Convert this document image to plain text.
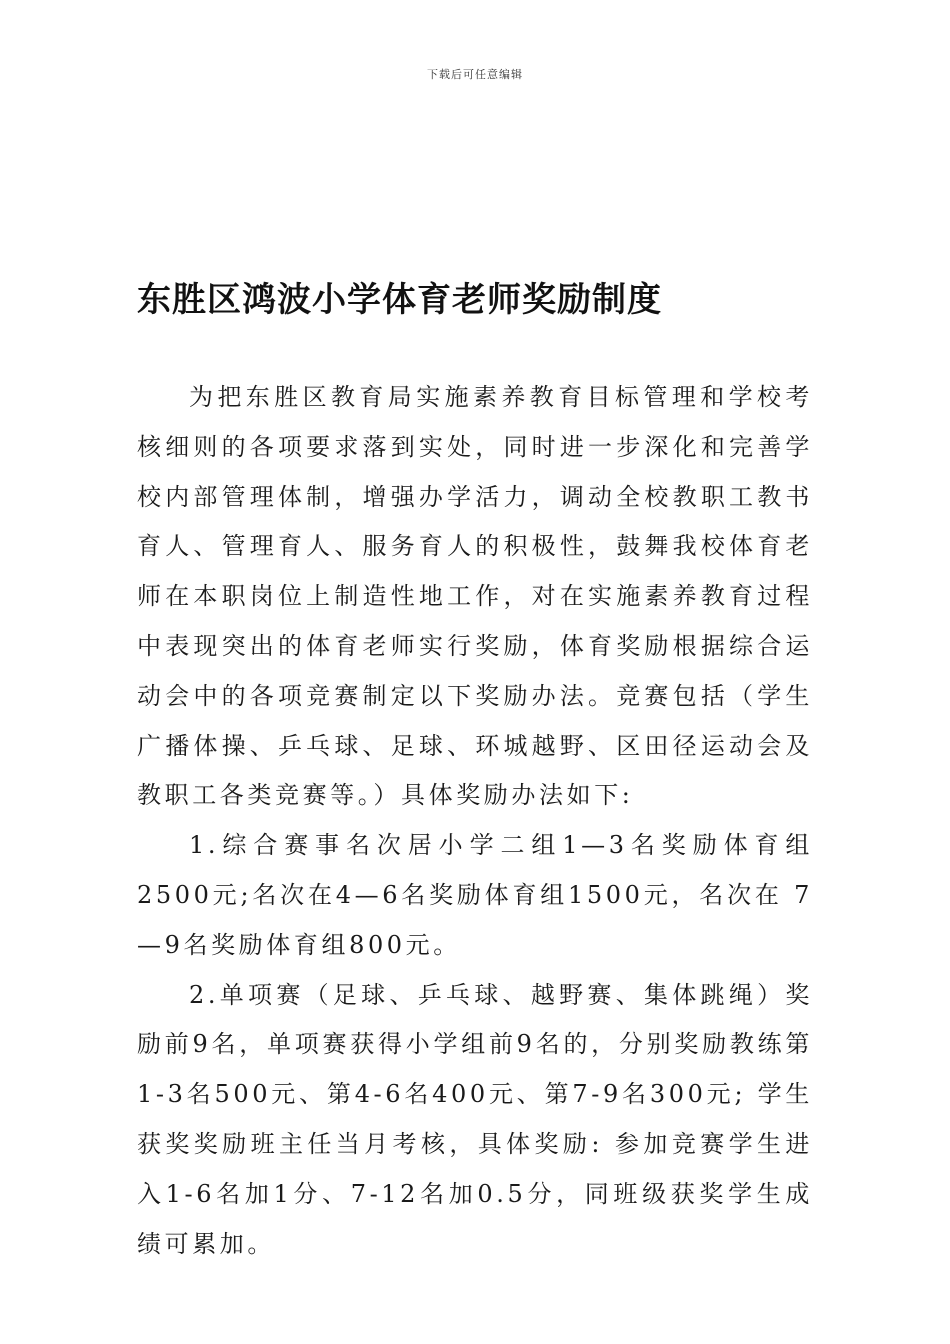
下载后可任意编辑
东胜区鸿波小学体育老师奖励制度

为把东胜区教育局实施素养教育目标管理和学校考核细则的各项要求落到实处，同时进一步深化和完善学校内部管理体制，增强办学活力，调动全校教职工教书育人、管理育人、服务育人的积极性，鼓舞我校体育老师在本职岗位上制造性地工作，对在实施素养教育过程中表现突出的体育老师实行奖励，体育奖励根据综合运动会中的各项竞赛制定以下奖励办法。竞赛包括（学生广播体操、乒乓球、足球、环城越野、区田径运动会及教职工各类竞赛等。）具体奖励办法如下:

1.综合赛事名次居小学二组1—3名奖励体育组2500元;名次在4—6名奖励体育组1500元，名次在 7—9名奖励体育组800元。

2.单项赛（足球、乒乓球、越野赛、集体跳绳）奖励前9名，单项赛获得小学组前9名的，分别奖励教练第1-3名500元、第4-6名400元、第7-9名300元; 学生获奖奖励班主任当月考核，具体奖励: 参加竞赛学生进入1-6名加1分、7-12名加0.5分，同班级获奖学生成绩可累加。
